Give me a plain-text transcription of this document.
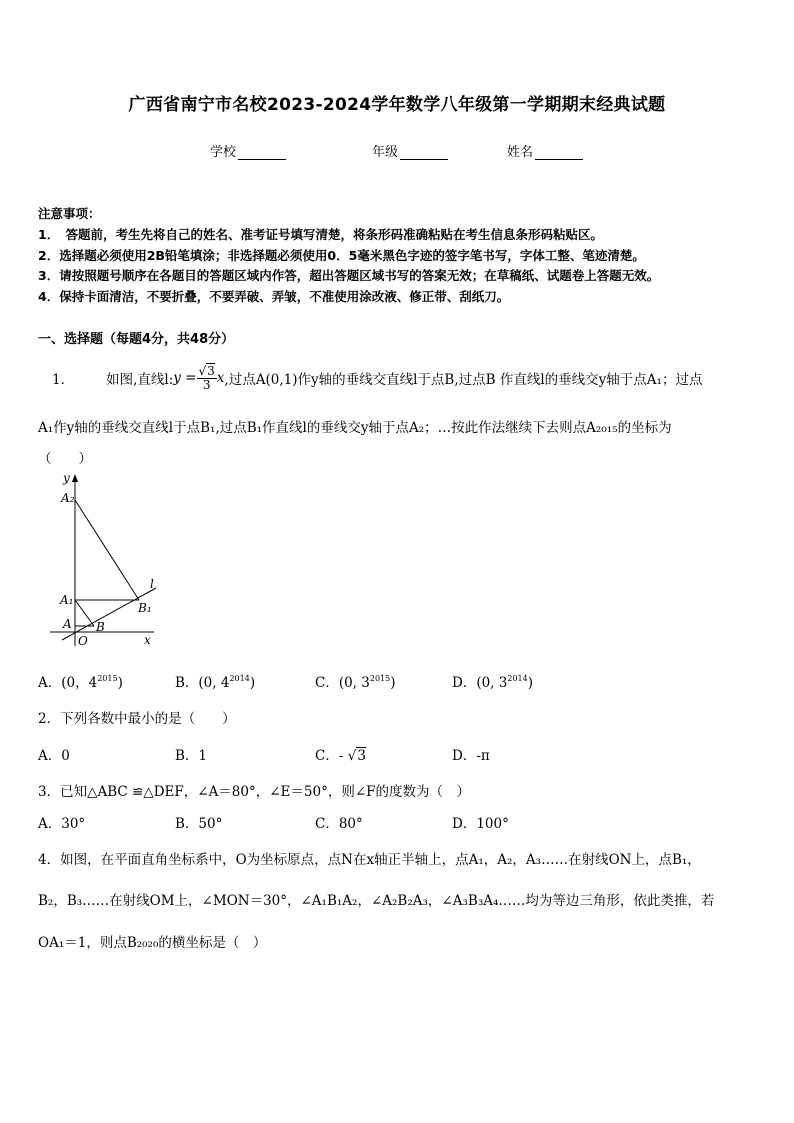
广西省南宁市名校2023-2024学年数学八年级第一学期期末经典试题
学校	年级	姓名
注意事项：
1．　答题前，考生先将自己的姓名、准考证号填写清楚，将条形码准确粘贴在考生信息条形码粘贴区。
2．选择题必须使用2B铅笔填涂；非选择题必须使用0．5毫米黑色字迹的签字笔书写，字体工整、笔迹清楚。
3．请按照题号顺序在各题目的答题区域内作答，超出答题区域书写的答案无效；在草稿纸、试题卷上答题无效。
4．保持卡面清洁，不要折叠，不要弄破、弄皱，不准使用涂改液、修正带、刮纸刀。
一、选择题（每题4分，共48分）
1． 如图,直线l: $y = \frac{√3}{3}$ x ,过点A(0,1)作y轴的垂线交直线l于点B,过点B 作直线l的垂线交y轴于点A₁；过点
A₁作y轴的垂线交直线l于点B₁,过点B₁作直线l的垂线交y轴于点A₂；…按此作法继续下去则点A₂₀₁₅的坐标为
（　　）
y
A₂
l
A₁
B₁
A B
O	x
A．(0，$4^{2015}$)	B．(0, $4^{2014}$)	C．(0, $3^{2015}$)	D．(0, $3^{2014}$)
2．下列各数中最小的是（　　）
A．0	B．1	C．- √3	D．-π
3．已知△ABC ≌△DEF，∠A＝80°，∠E＝50°，则∠F的度数为（　）
A．30°	B．50°	C．80°	D．100°
4．如图，在平面直角坐标系中，O为坐标原点，点N在x轴正半轴上，点A₁，A₂，A₃……在射线ON上，点B₁，
B₂，B₃……在射线OM上，∠MON＝30°，∠A₁B₁A₂，∠A₂B₂A₃，∠A₃B₃A₄……均为等边三角形，依此类推，若
OA₁＝1，则点B₂₀₂₀的横坐标是（　）
